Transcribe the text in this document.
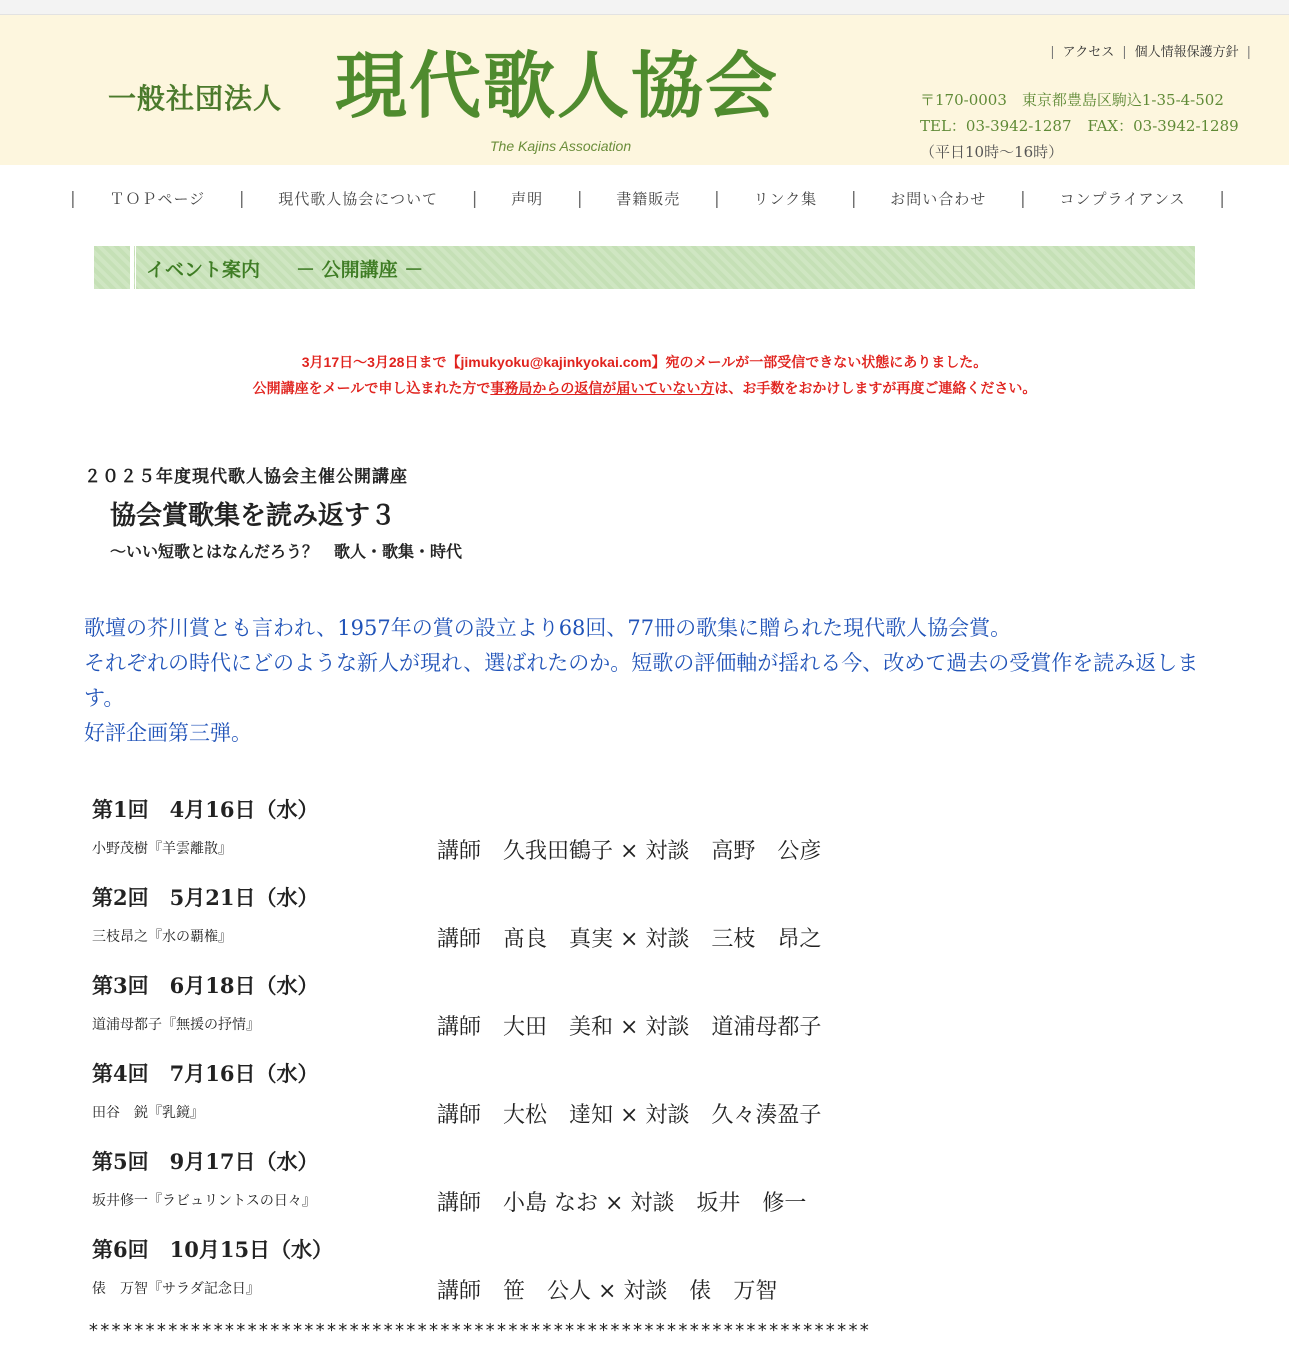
一般社団法人 現代歌人協会
The Kajins Association
| アクセス | 個人情報保護方針 |
〒170-0003　東京都豊島区駒込1-35-4-502
TEL：03-3942-1287 FAX：03-3942-1289
（平日10時〜16時）
| ＴＯＰページ | 現代歌人協会について | 声明 | 書籍販売 | リンク集 | お問い合わせ | コンプライアンス |
イベント案内 － 公開講座 －
3月17日〜3月28日まで【jimukyoku@kajinkyokai.com】宛のメールが一部受信できない状態にありました。
公開講座をメールで申し込まれた方で事務局からの返信が届いていない方は、お手数をおかけしますが再度ご連絡ください。
２０２５年度現代歌人協会主催公開講座
協会賞歌集を読み返す３
〜いい短歌とはなんだろう？　歌人・歌集・時代

歌壇の芥川賞とも言われ、1957年の賞の設立より68回、77冊の歌集に贈られた現代歌人協会賞。

それぞれの時代にどのような新人が現れ、選ばれたのか。短歌の評価軸が揺れる今、改めて過去の受賞作を読み返します。

好評企画第三弾。

第1回　4月16日（水）
小野茂樹『羊雲離散』	講師　久我田鶴子 × 対談　高野　公彦
第2回　5月21日（水）
三枝昂之『水の覇権』	講師　髙良　真実 × 対談　三枝　昂之
第3回　6月18日（水）
道浦母都子『無援の抒情』	講師　大田　美和 × 対談　道浦母都子
第4回　7月16日（水）
田谷　鋭『乳鏡』	講師　大松　達知 × 対談　久々湊盈子
第5回　9月17日（水）
坂井修一『ラビュリントスの日々』	講師　小島 なお × 対談　坂井　修一
第6回　10月15日（水）
俵　万智『サラダ記念日』	講師　笹　公人 × 対談　俵　万智
*********************************************************************
